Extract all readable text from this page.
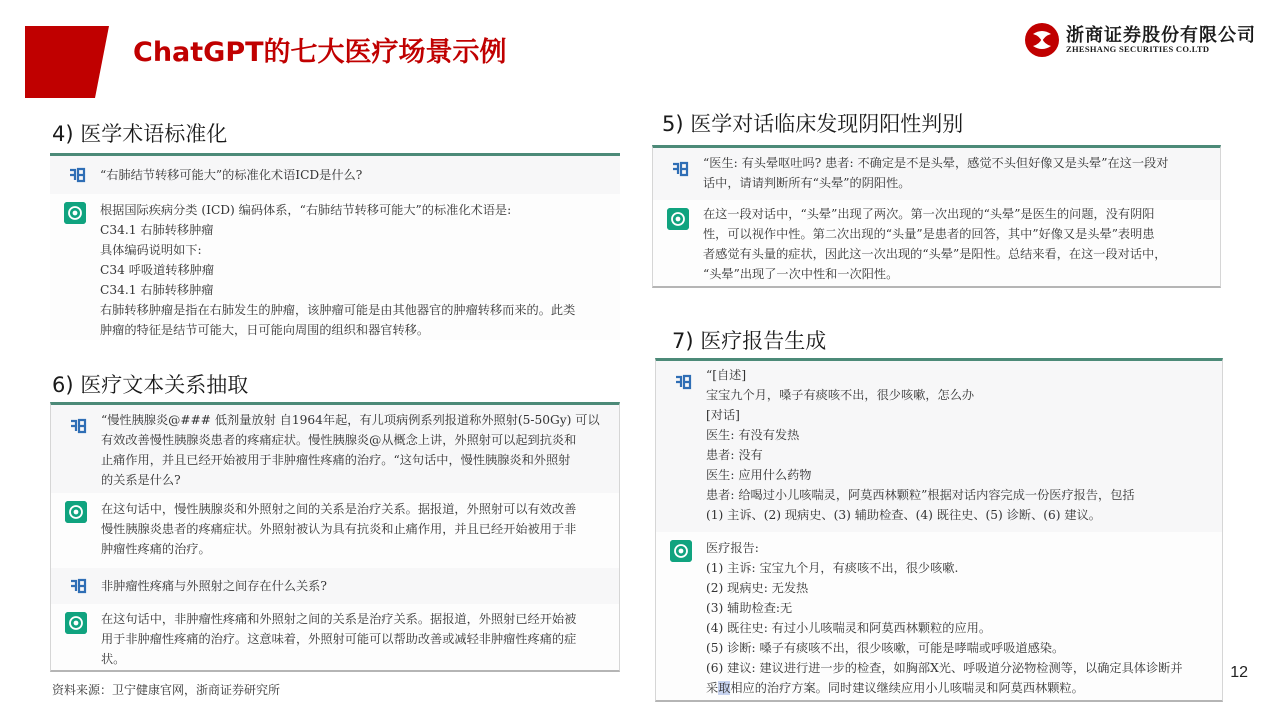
ChatGPT的七大医疗场景示例
浙商证券股份有限公司
ZHESHANG SECURITIES CO.LTD
4) 医学术语标准化
“右肺结节转移可能大”的标准化术语ICD是什么?
根据国际疾病分类 (ICD) 编码体系，“右肺结节转移可能大”的标准化术语是:
C34.1 右肺转移肿瘤
具体编码说明如下:
C34 呼吸道转移肿瘤
C34.1 右肺转移肿瘤
右肺转移肿瘤是指在右肺发生的肿瘤，该肿瘤可能是由其他器官的肿瘤转移而来的。此类
肿瘤的特征是结节可能大，日可能向周围的组织和器官转移。
5) 医学对话临床发现阴阳性判别
“医生: 有头晕呕吐吗? 患者: 不确定是不是头晕，感觉不头但好像又是头晕”在这一段对
话中，请请判断所有“头晕”的阴阳性。
在这一段对话中，“头晕”出现了两次。第一次出现的“头晕”是医生的问题，没有阴阳
性，可以视作中性。第二次出现的“头量”是患者的回答，其中”好像又是头晕”表明患
者感觉有头量的症状，因此这一次出现的“头晕”是阳性。总结来看，在这一段对话中，
“头晕”出现了一次中性和一次阳性。
6) 医疗文本关系抽取
“慢性胰腺炎@### 低剂量放射 自1964年起，有儿项病例系列报道称外照射(5-50Gy) 可以
有效改善慢性胰腺炎患者的疼痛症状。慢性胰腺炎@从概念上讲，外照射可以起到抗炎和
止痛作用，并且已经开始被用于非肿瘤性疼痛的治疗。“这句话中，慢性胰腺炎和外照射
的关系是什么?
在这句话中，慢性胰腺炎和外照射之间的关系是治疗关系。据报道，外照射可以有效改善
慢性胰腺炎患者的疼痛症状。外照射被认为具有抗炎和止痛作用，并且已经开始被用于非
肿瘤性疼痛的治疗。
非肿瘤性疼痛与外照射之间存在什么关系?
在这句话中，非肿瘤性疼痛和外照射之间的关系是治疗关系。据报道，外照射已经开始被
用于非肿瘤性疼痛的治疗。这意味着，外照射可能可以帮助改善或减轻非肿瘤性疼痛的症
状。
7) 医疗报告生成
“[自述]
宝宝九个月，嗓子有痰咳不出，很少咳嗽，怎么办
[对话]
医生: 有没有发热
患者: 没有
医生: 应用什么药物
患者: 给喝过小儿咳喘灵，阿莫西林颗粒”根据对话内容完成一份医疗报告，包括
(1) 主诉、(2) 现病史、(3) 辅助检查、(4) 既往史、(5) 诊断、(6) 建议。
医疗报告:
(1) 主诉: 宝宝九个月，有痰咳不出，很少咳嗽.
(2) 现病史: 无发热
(3) 辅助检查:无
(4) 既往史: 有过小儿咳喘灵和阿莫西林颗粒的应用。
(5) 诊断: 嗓子有痰咳不出，很少咳嗽，可能是哮喘或呼吸道感染。
(6) 建议: 建议进行进一步的检查，如胸部X光、呼吸道分泌物检测等，以确定具体诊断并
采取相应的治疗方案。同时建议继续应用小儿咳喘灵和阿莫西林颗粒。
12
资料来源：卫宁健康官网，浙商证券研究所
